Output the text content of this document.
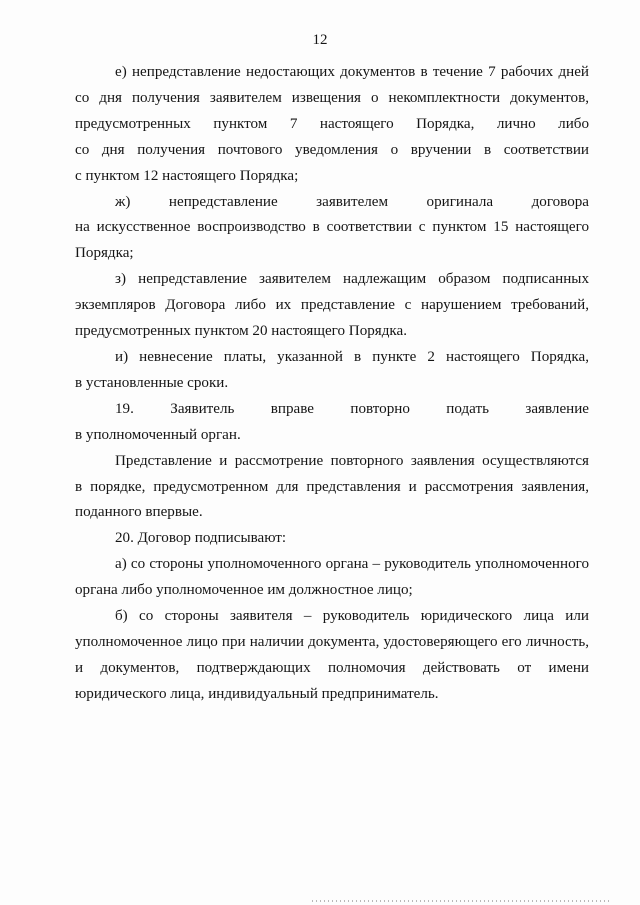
12
е) непредставление недостающих документов в течение 7 рабочих дней
со дня получения заявителем извещения о некомплектности документов,
предусмотренных пунктом 7 настоящего Порядка, лично либо
со дня получения почтового уведомления о вручении в соответствии
с пунктом 12 настоящего Порядка;
ж) непредставление заявителем оригинала договора
на искусственное воспроизводство в соответствии с пунктом 15 настоящего
Порядка;
з) непредставление заявителем надлежащим образом подписанных
экземпляров Договора либо их представление с нарушением требований,
предусмотренных пунктом 20 настоящего Порядка.
и) невнесение платы, указанной в пункте 2 настоящего Порядка,
в установленные сроки.
19. Заявитель вправе повторно подать заявление
в уполномоченный орган.
Представление и рассмотрение повторного заявления осуществляются
в порядке, предусмотренном для представления и рассмотрения заявления,
поданного впервые.
20. Договор подписывают:
а) со стороны уполномоченного органа – руководитель уполномоченного
органа либо уполномоченное им должностное лицо;
б) со стороны заявителя – руководитель юридического лица или
уполномоченное лицо при наличии документа, удостоверяющего его личность,
и документов, подтверждающих полномочия действовать от имени
юридического лица, индивидуальный предприниматель.
